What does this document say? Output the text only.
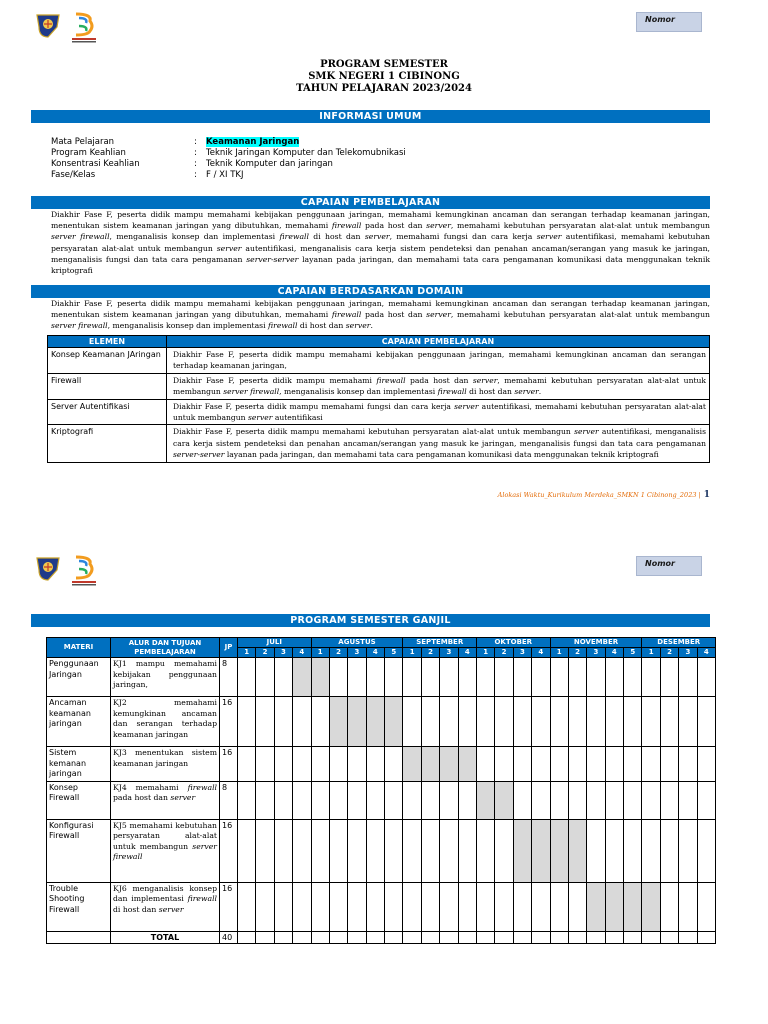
Nomor
PROGRAM SEMESTER
SMK NEGERI 1 CIBINONG
TAHUN PELAJARAN 2023/2024
INFORMASI UMUM
Mata Pelajaran	: Keamanan Jaringan
Program Keahlian	: Teknik Jaringan Komputer dan Telekomubnikasi
Konsentrasi Keahlian	: Teknik Komputer dan jaringan
Fase/Kelas	: F / XI TKJ
CAPAIAN PEMBELAJARAN
Diakhir Fase F, peserta didik mampu memahami kebijakan penggunaan jaringan, memahami kemungkinan ancaman dan serangan terhadap keamanan jaringan, menentukan sistem keamanan jaringan yang dibutuhkan, memahami firewall pada host dan server, memahami kebutuhan persyaratan alat-alat untuk membangun server firewall, menganalisis konsep dan implementasi firewall di host dan server, memahami fungsi dan cara kerja server autentifikasi, memahami kebutuhan persyaratan alat-alat untuk membangun server autentifikasi, menganalisis cara kerja sistem pendeteksi dan penahan ancaman/serangan yang masuk ke jaringan, menganalisis fungsi dan tata cara pengamanan server-server layanan pada jaringan, dan memahami tata cara pengamanan komunikasi data menggunakan teknik kriptografi
CAPAIAN BERDASARKAN DOMAIN
Diakhir Fase F, peserta didik mampu memahami kebijakan penggunaan jaringan, memahami kemungkinan ancaman dan serangan terhadap keamanan jaringan, menentukan sistem keamanan jaringan yang dibutuhkan, memahami firewall pada host dan server, memahami kebutuhan persyaratan alat-alat untuk membangun server firewall, menganalisis konsep dan implementasi firewall di host dan server.
ELEMEN	CAPAIAN PEMBELAJARAN
Konsep Keamanan JAringan	Diakhir Fase F, peserta didik mampu memahami kebijakan penggunaan jaringan, memahami kemungkinan ancaman dan serangan terhadap keamanan jaringan,
Firewall	Diakhir Fase F, peserta didik mampu memahami firewall pada host dan server, memahami kebutuhan persyaratan alat-alat untuk membangun server firewall, menganalisis konsep dan implementasi firewall di host dan server.
Server Autentifikasi	Diakhir Fase F, peserta didik mampu memahami fungsi dan cara kerja server autentifikasi, memahami kebutuhan persyaratan alat-alat untuk membangun server autentifikasi
Kriptografi	Diakhir Fase F, peserta didik mampu memahami kebutuhan persyaratan alat-alat untuk membangun server autentifikasi, menganalisis cara kerja sistem pendeteksi dan penahan ancaman/serangan yang masuk ke jaringan, menganalisis fungsi dan tata cara pengamanan server-server layanan pada jaringan, dan memahami tata cara pengamanan komunikasi data menggunakan teknik kriptografi
Alokasi Waktu_Kurikulum Merdeka_SMKN 1 Cibinong_2023 | 1
Nomor
PROGRAM SEMESTER GANJIL
MATERI	ALUR DAN TUJUAN PEMBELAJARAN	JP	JULI				AGUSTUS					SEPTEMBER				OKTOBER				NOVEMBER					DESEMBER			
			1	2	3	4	1	2	3	4	5	1	2	3	4	1	2	3	4	1	2	3	4	5	1	2	3	4
Penggunaan Jaringan	KJ1 mampu memahami kebijakan penggunaan jaringan,	8																										
Ancaman keamanan jaringan	KJ2 memahami kemungkinan ancaman dan serangan terhadap keamanan jaringan	16																										
Sistem kemanan jaringan	KJ3 menentukan sistem keamanan jaringan	16																										
Konsep Firewall	KJ4 memahami firewall pada host dan server	8																										
Konfigurasi Firewall	KJ5 memahami kebutuhan persyaratan alat-alat untuk membangun server firewall	16																										
Trouble Shooting Firewall	KJ6 menganalisis konsep dan implementasi firewall di host dan server	16																										
	TOTAL	40																										
